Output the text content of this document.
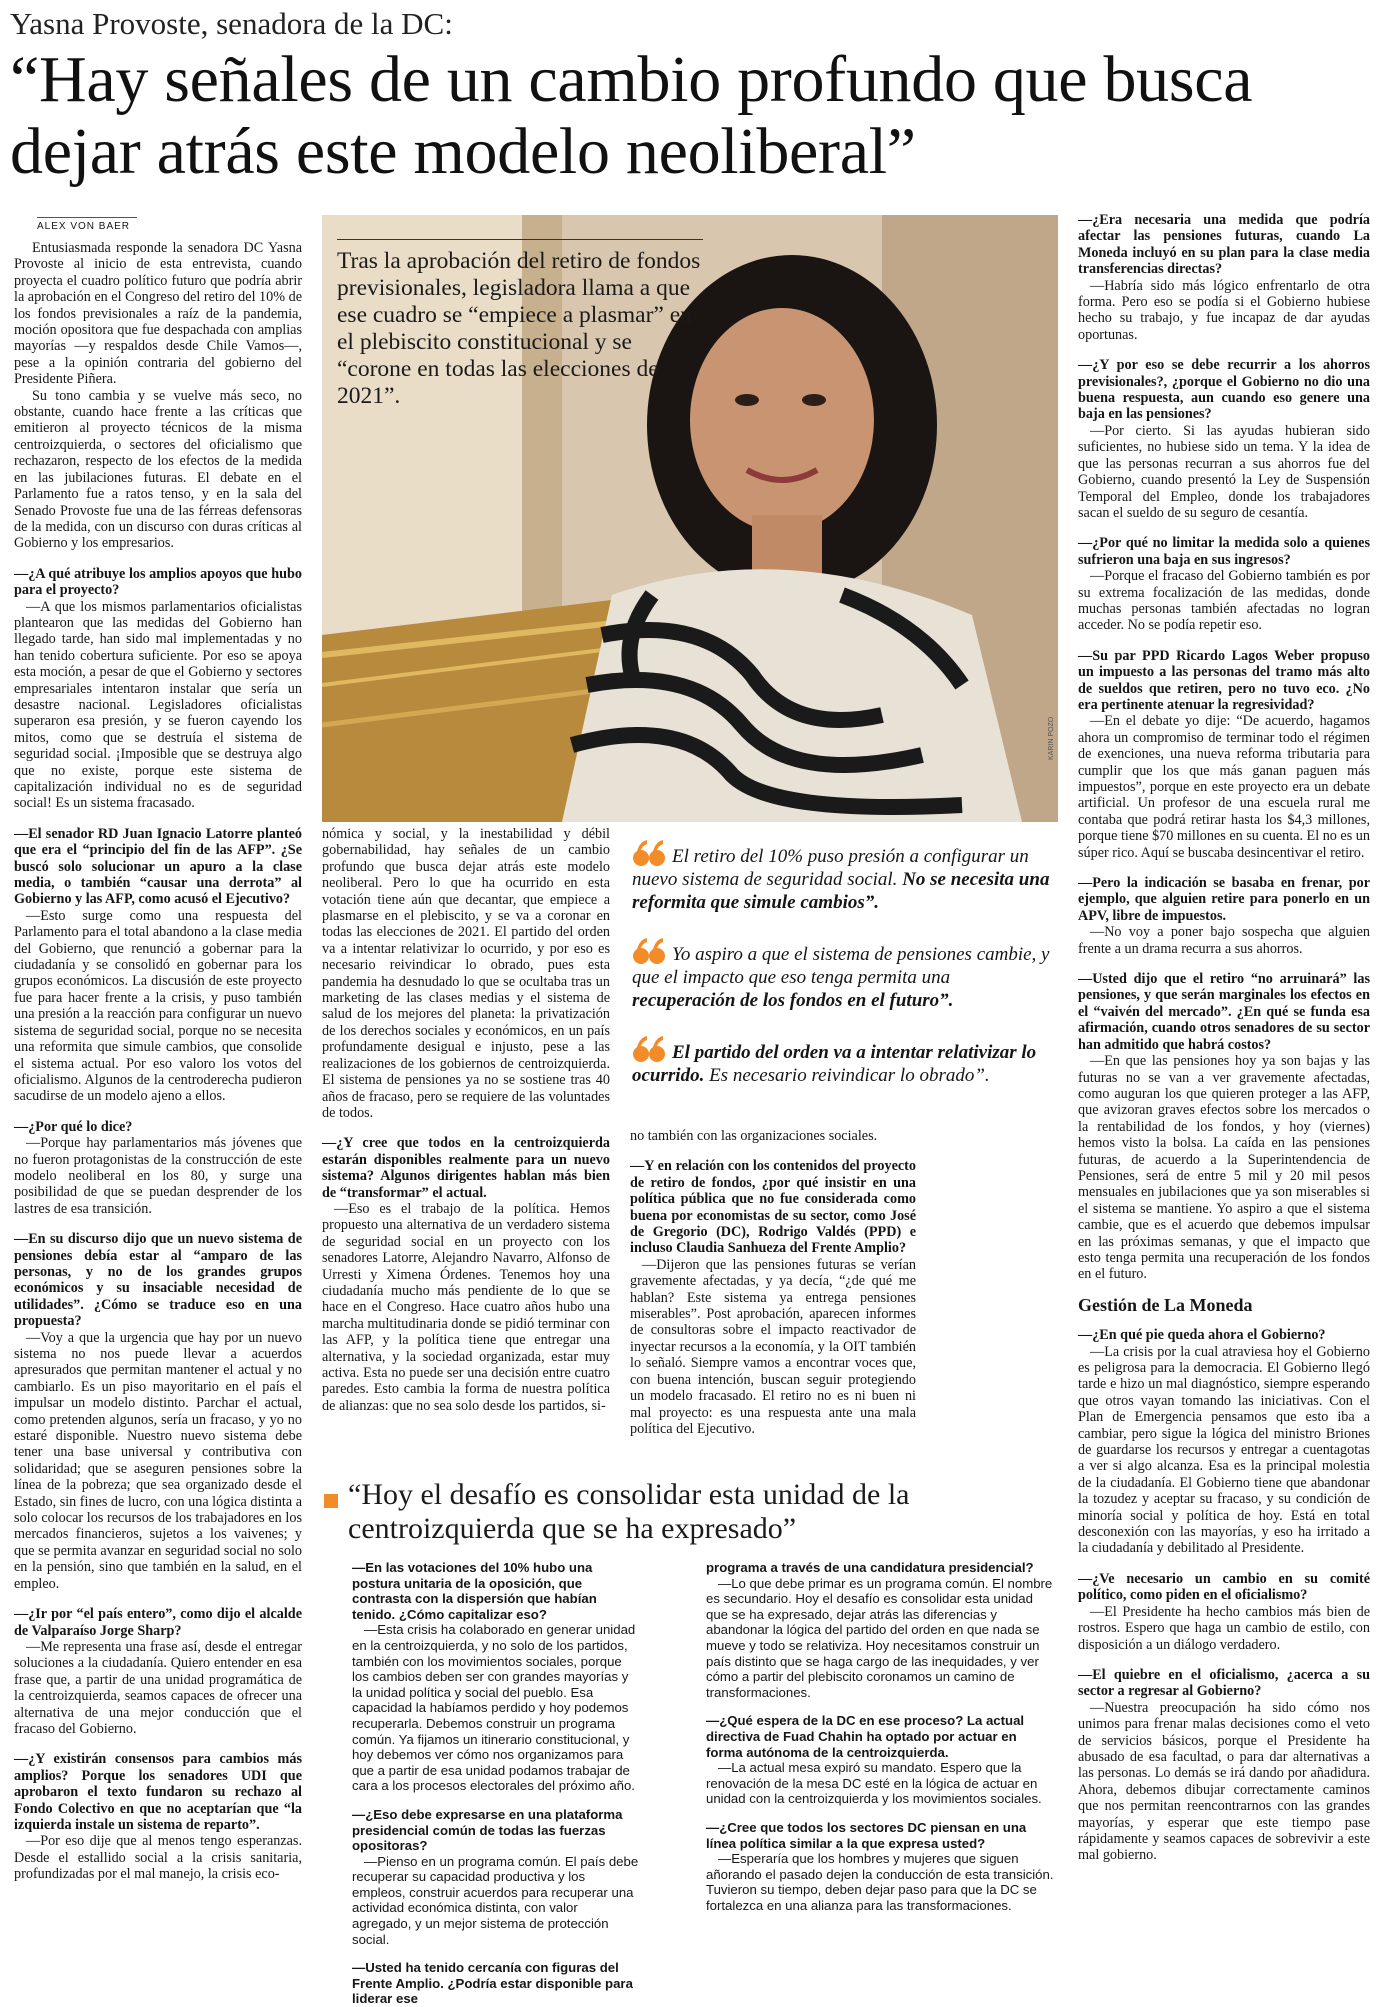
Yasna Provoste, senadora de la DC:
“Hay señales de un cambio profundo que busca dejar atrás este modelo neoliberal”
ALEX VON BAER

Entusiasmada responde la senadora DC Yasna Provoste al inicio de esta entrevista, cuando proyecta el cuadro político futuro que podría abrir la aprobación en el Congreso del retiro del 10% de los fondos previsionales a raíz de la pandemia, moción opositora que fue despachada con amplias mayorías —y respaldos desde Chile Vamos—, pese a la opinión contraria del gobierno del Presidente Piñera.

Su tono cambia y se vuelve más seco, no obstante, cuando hace frente a las críticas que emitieron al proyecto técnicos de la misma centroizquierda, o sectores del oficialismo que rechazaron, respecto de los efectos de la medida en las jubilaciones futuras. El debate en el Parlamento fue a ratos tenso, y en la sala del Senado Provoste fue una de las férreas defensoras de la medida, con un discurso con duras críticas al Gobierno y los empresarios.

—¿A qué atribuye los amplios apoyos que hubo para el proyecto?

—A que los mismos parlamentarios oficialistas plantearon que las medidas del Gobierno han llegado tarde, han sido mal implementadas y no han tenido cobertura suficiente. Por eso se apoya esta moción, a pesar de que el Gobierno y sectores empresariales intentaron instalar que sería un desastre nacional. Legisladores oficialistas superaron esa presión, y se fueron cayendo los mitos, como que se destruía el sistema de seguridad social. ¡Imposible que se destruya algo que no existe, porque este sistema de capitalización individual no es de seguridad social! Es un sistema fracasado.

—El senador RD Juan Ignacio Latorre planteó que era el “principio del fin de las AFP”. ¿Se buscó solo solucionar un apuro a la clase media, o también “causar una derrota” al Gobierno y las AFP, como acusó el Ejecutivo?

—Esto surge como una respuesta del Parlamento para el total abandono a la clase media del Gobierno, que renunció a gobernar para la ciudadanía y se consolidó en gobernar para los grupos económicos. La discusión de este proyecto fue para hacer frente a la crisis, y puso también una presión a la reacción para configurar un nuevo sistema de seguridad social, porque no se necesita una reformita que simule cambios, que consolide el sistema actual. Por eso valoro los votos del oficialismo. Algunos de la centroderecha pudieron sacudirse de un modelo ajeno a ellos.

—¿Por qué lo dice?

—Porque hay parlamentarios más jóvenes que no fueron protagonistas de la construcción de este modelo neoliberal en los 80, y surge una posibilidad de que se puedan desprender de los lastres de esa transición.

—En su discurso dijo que un nuevo sistema de pensiones debía estar al “amparo de las personas, y no de los grandes grupos económicos y su insaciable necesidad de utilidades”. ¿Cómo se traduce eso en una propuesta?

—Voy a que la urgencia que hay por un nuevo sistema no nos puede llevar a acuerdos apresurados que permitan mantener el actual y no cambiarlo. Es un piso mayoritario en el país el impulsar un modelo distinto. Parchar el actual, como pretenden algunos, sería un fracaso, y yo no estaré disponible. Nuestro nuevo sistema debe tener una base universal y contributiva con solidaridad; que se aseguren pensiones sobre la línea de la pobreza; que sea organizado desde el Estado, sin fines de lucro, con una lógica distinta a solo colocar los recursos de los trabajadores en los mercados financieros, sujetos a los vaivenes; y que se permita avanzar en seguridad social no solo en la pensión, sino que también en la salud, en el empleo.

—¿Ir por “el país entero”, como dijo el alcalde de Valparaíso Jorge Sharp?

—Me representa una frase así, desde el entregar soluciones a la ciudadanía. Quiero entender en esa frase que, a partir de una unidad programática de la centroizquierda, seamos capaces de ofrecer una alternativa de una mejor conducción que el fracaso del Gobierno.

—¿Y existirán consensos para cambios más amplios? Porque los senadores UDI que aprobaron el texto fundaron su rechazo al Fondo Colectivo en que no aceptarían que “la izquierda instale un sistema de reparto”.

—Por eso dije que al menos tengo esperanzas. Desde el estallido social a la crisis sanitaria, profundizadas por el mal manejo, la crisis eco-

Tras la aprobación del retiro de fondos previsionales, legisladora llama a que ese cuadro se “empiece a plasmar” en el plebiscito constitucional y se “corone en todas las elecciones de 2021”.
KARIN POZO

nómica y social, y la inestabilidad y débil gobernabilidad, hay señales de un cambio profundo que busca dejar atrás este modelo neoliberal. Pero lo que ha ocurrido en esta votación tiene aún que decantar, que empiece a plasmarse en el plebiscito, y se va a coronar en todas las elecciones de 2021. El partido del orden va a intentar relativizar lo ocurrido, y por eso es necesario reivindicar lo obrado, pues esta pandemia ha desnudado lo que se ocultaba tras un marketing de las clases medias y el sistema de salud de los mejores del planeta: la privatización de los derechos sociales y económicos, en un país profundamente desigual e injusto, pese a las realizaciones de los gobiernos de centroizquierda. El sistema de pensiones ya no se sostiene tras 40 años de fracaso, pero se requiere de las voluntades de todos.

—¿Y cree que todos en la centroizquierda estarán disponibles realmente para un nuevo sistema? Algunos dirigentes hablan más bien de “transformar” el actual.

—Eso es el trabajo de la política. Hemos propuesto una alternativa de un verdadero sistema de seguridad social en un proyecto con los senadores Latorre, Alejandro Navarro, Alfonso de Urresti y Ximena Órdenes. Tenemos hoy una ciudadanía mucho más pendiente de lo que se hace en el Congreso. Hace cuatro años hubo una marcha multitudinaria donde se pidió terminar con las AFP, y la política tiene que entregar una alternativa, y la sociedad organizada, estar muy activa. Esta no puede ser una decisión entre cuatro paredes. Esto cambia la forma de nuestra política de alianzas: que no sea solo desde los partidos, si-

El retiro del 10% puso presión a configurar un nuevo sistema de seguridad social. No se necesita una reformita que simule cambios”.
Yo aspiro a que el sistema de pensiones cambie, y que el impacto que eso tenga permita una recuperación de los fondos en el futuro”.
El partido del orden va a intentar relativizar lo ocurrido. Es necesario reivindicar lo obrado”.

no también con las organizaciones sociales.

—Y en relación con los contenidos del proyecto de retiro de fondos, ¿por qué insistir en una política pública que no fue considerada como buena por economistas de su sector, como José de Gregorio (DC), Rodrigo Valdés (PPD) e incluso Claudia Sanhueza del Frente Amplio?

—Dijeron que las pensiones futuras se verían gravemente afectadas, y ya decía, “¿de qué me hablan? Este sistema ya entrega pensiones miserables”. Post aprobación, aparecen informes de consultoras sobre el impacto reactivador de inyectar recursos a la economía, y la OIT también lo señaló. Siempre vamos a encontrar voces que, con buena intención, buscan seguir protegiendo un modelo fracasado. El retiro no es ni buen ni mal proyecto: es una respuesta ante una mala política del Ejecutivo.

—¿Era necesaria una medida que podría afectar las pensiones futuras, cuando La Moneda incluyó en su plan para la clase media transferencias directas?

—Habría sido más lógico enfrentarlo de otra forma. Pero eso se podía si el Gobierno hubiese hecho su trabajo, y fue incapaz de dar ayudas oportunas.

—¿Y por eso se debe recurrir a los ahorros previsionales?, ¿porque el Gobierno no dio una buena respuesta, aun cuando eso genere una baja en las pensiones?

—Por cierto. Si las ayudas hubieran sido suficientes, no hubiese sido un tema. Y la idea de que las personas recurran a sus ahorros fue del Gobierno, cuando presentó la Ley de Suspensión Temporal del Empleo, donde los trabajadores sacan el sueldo de su seguro de cesantía.

—¿Por qué no limitar la medida solo a quienes sufrieron una baja en sus ingresos?

—Porque el fracaso del Gobierno también es por su extrema focalización de las medidas, donde muchas personas también afectadas no logran acceder. No se podía repetir eso.

—Su par PPD Ricardo Lagos Weber propuso un impuesto a las personas del tramo más alto de sueldos que retiren, pero no tuvo eco. ¿No era pertinente atenuar la regresividad?

—En el debate yo dije: “De acuerdo, hagamos ahora un compromiso de terminar todo el régimen de exenciones, una nueva reforma tributaria para cumplir que los que más ganan paguen más impuestos”, porque en este proyecto era un debate artificial. Un profesor de una escuela rural me contaba que podrá retirar hasta los $4,3 millones, porque tiene $70 millones en su cuenta. El no es un súper rico. Aquí se buscaba desincentivar el retiro.

—Pero la indicación se basaba en frenar, por ejemplo, que alguien retire para ponerlo en un APV, libre de impuestos.

—No voy a poner bajo sospecha que alguien frente a un drama recurra a sus ahorros.

—Usted dijo que el retiro “no arruinará” las pensiones, y que serán marginales los efectos en el “vaivén del mercado”. ¿En qué se funda esa afirmación, cuando otros senadores de su sector han admitido que habrá costos?

—En que las pensiones hoy ya son bajas y las futuras no se van a ver gravemente afectadas, como auguran los que quieren proteger a las AFP, que avizoran graves efectos sobre los mercados o la rentabilidad de los fondos, y hoy (viernes) hemos visto la bolsa. La caída en las pensiones futuras, de acuerdo a la Superintendencia de Pensiones, será de entre 5 mil y 20 mil pesos mensuales en jubilaciones que ya son miserables si el sistema se mantiene. Yo aspiro a que el sistema cambie, que es el acuerdo que debemos impulsar en las próximas semanas, y que el impacto que esto tenga permita una recuperación de los fondos en el futuro.

Gestión de La Moneda

—¿En qué pie queda ahora el Gobierno?

—La crisis por la cual atraviesa hoy el Gobierno es peligrosa para la democracia. El Gobierno llegó tarde e hizo un mal diagnóstico, siempre esperando que otros vayan tomando las iniciativas. Con el Plan de Emergencia pensamos que esto iba a cambiar, pero sigue la lógica del ministro Briones de guardarse los recursos y entregar a cuentagotas a ver si algo alcanza. Esa es la principal molestia de la ciudadanía. El Gobierno tiene que abandonar la tozudez y aceptar su fracaso, y su condición de minoría social y política de hoy. Está en total desconexión con las mayorías, y eso ha irritado a la ciudadanía y debilitado al Presidente.

—¿Ve necesario un cambio en su comité político, como piden en el oficialismo?

—El Presidente ha hecho cambios más bien de rostros. Espero que haga un cambio de estilo, con disposición a un diálogo verdadero.

—El quiebre en el oficialismo, ¿acerca a su sector a regresar al Gobierno?

—Nuestra preocupación ha sido cómo nos unimos para frenar malas decisiones como el veto de servicios básicos, porque el Presidente ha abusado de esa facultad, o para dar alternativas a las personas. Lo demás se irá dando por añadidura. Ahora, debemos dibujar correctamente caminos que nos permitan reencontrarnos con las grandes mayorías, y esperar que este tiempo pase rápidamente y seamos capaces de sobrevivir a este mal gobierno.

“Hoy el desafío es consolidar esta unidad de la centroizquierda que se ha expresado”

—En las votaciones del 10% hubo una postura unitaria de la oposición, que contrasta con la dispersión que habían tenido. ¿Cómo capitalizar eso?

—Esta crisis ha colaborado en generar unidad en la centroizquierda, y no solo de los partidos, también con los movimientos sociales, porque los cambios deben ser con grandes mayorías y la unidad política y social del pueblo. Esa capacidad la habíamos perdido y hoy podemos recuperarla. Debemos construir un programa común. Ya fijamos un itinerario constitucional, y hoy debemos ver cómo nos organizamos para que a partir de esa unidad podamos trabajar de cara a los procesos electorales del próximo año.

—¿Eso debe expresarse en una plataforma presidencial común de todas las fuerzas opositoras?

—Pienso en un programa común. El país debe recuperar su capacidad productiva y los empleos, construir acuerdos para recuperar una actividad económica distinta, con valor agregado, y un mejor sistema de protección social.

—Usted ha tenido cercanía con figuras del Frente Amplio. ¿Podría estar disponible para liderar ese

programa a través de una candidatura presidencial?

—Lo que debe primar es un programa común. El nombre es secundario. Hoy el desafío es consolidar esta unidad que se ha expresado, dejar atrás las diferencias y abandonar la lógica del partido del orden en que nada se mueve y todo se relativiza. Hoy necesitamos construir un país distinto que se haga cargo de las inequidades, y ver cómo a partir del plebiscito coronamos un camino de transformaciones.

—¿Qué espera de la DC en ese proceso? La actual directiva de Fuad Chahin ha optado por actuar en forma autónoma de la centroizquierda.

—La actual mesa expiró su mandato. Espero que la renovación de la mesa DC esté en la lógica de actuar en unidad con la centroizquierda y los movimientos sociales.

—¿Cree que todos los sectores DC piensan en una línea política similar a la que expresa usted?

—Esperaría que los hombres y mujeres que siguen añorando el pasado dejen la conducción de esta transición. Tuvieron su tiempo, deben dejar paso para que la DC se fortalezca en una alianza para las transformaciones.
